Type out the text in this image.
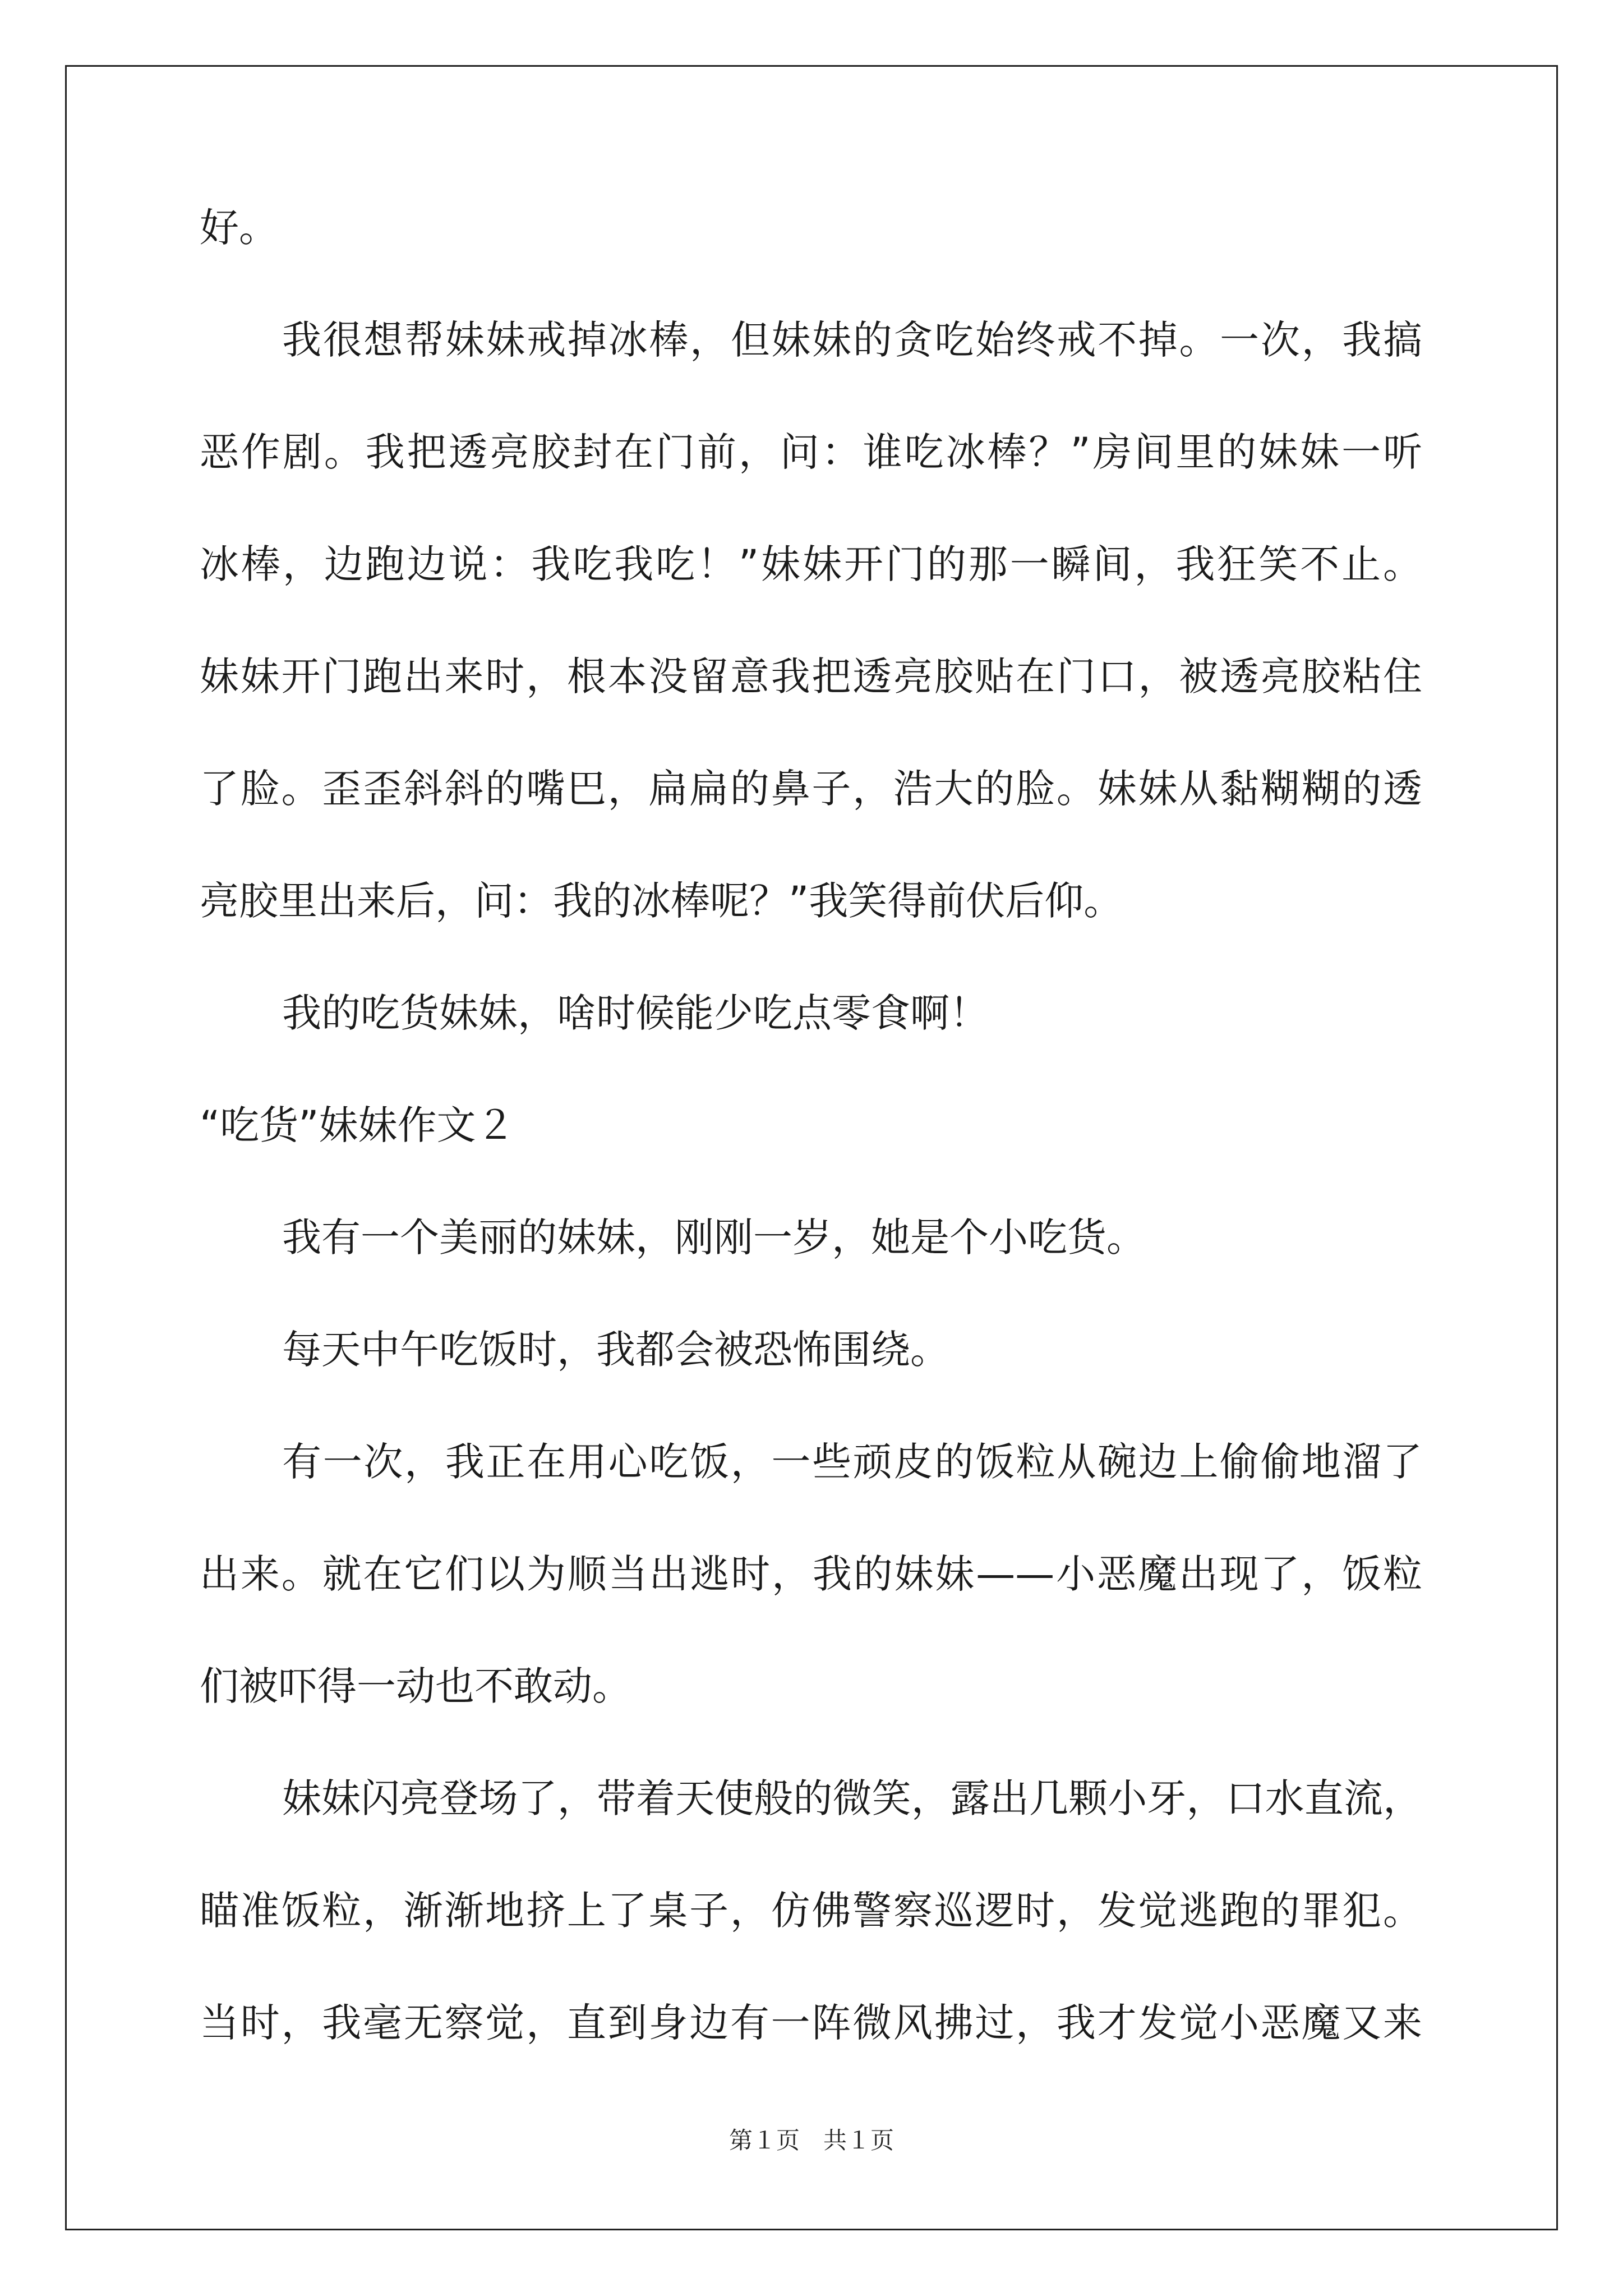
好。
我很想帮妹妹戒掉冰棒，但妹妹的贪吃始终戒不掉。一次，我搞
恶作剧。我把透亮胶封在门前，问：谁吃冰棒？”房间里的妹妹一听
冰棒，边跑边说：我吃我吃！”妹妹开门的那一瞬间，我狂笑不止。
妹妹开门跑出来时，根本没留意我把透亮胶贴在门口，被透亮胶粘住
了脸。歪歪斜斜的嘴巴，扁扁的鼻子，浩大的脸。妹妹从黏糊糊的透
亮胶里出来后，问：我的冰棒呢？”我笑得前伏后仰。
我的吃货妹妹，啥时候能少吃点零食啊！
“吃货”妹妹作文２
我有一个美丽的妹妹，刚刚一岁，她是个小吃货。
每天中午吃饭时，我都会被恐怖围绕。
有一次，我正在用心吃饭，一些顽皮的饭粒从碗边上偷偷地溜了
出来。就在它们以为顺当出逃时，我的妹妹——小恶魔出现了，饭粒
们被吓得一动也不敢动。
妹妹闪亮登场了，带着天使般的微笑，露出几颗小牙，口水直流，
瞄准饭粒，渐渐地挤上了桌子，仿佛警察巡逻时，发觉逃跑的罪犯。
当时，我毫无察觉，直到身边有一阵微风拂过，我才发觉小恶魔又来
第１页　共１页
